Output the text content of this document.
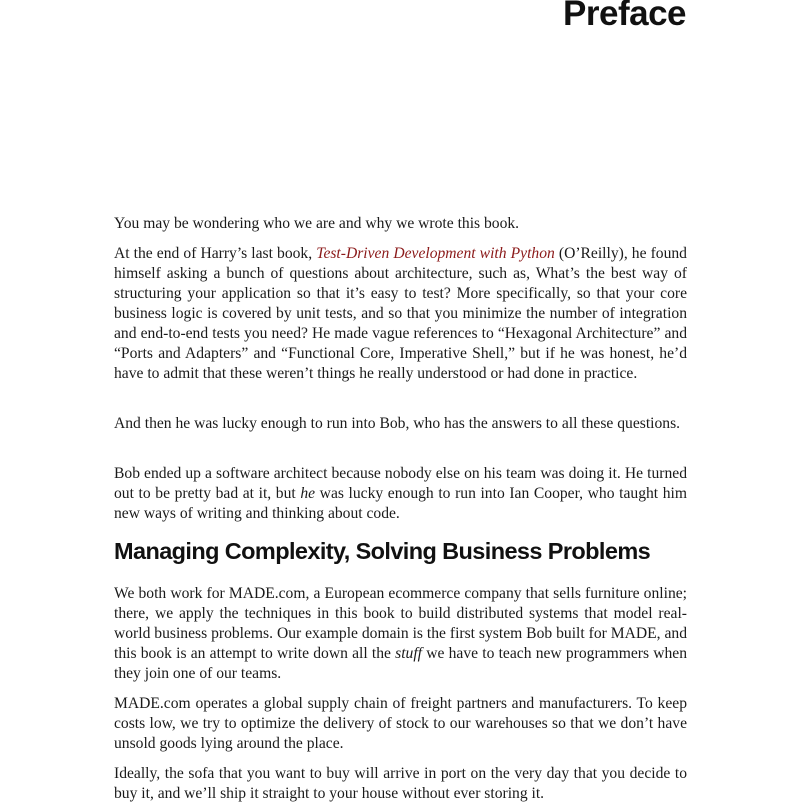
Preface

You may be wondering who we are and why we wrote this book.

At the end of Harry’s last book, Test-Driven Development with Python (O’Reilly), he found himself asking a bunch of questions about architecture, such as, What’s the best way of structuring your application so that it’s easy to test? More specifically, so that your core business logic is covered by unit tests, and so that you minimize the number of integration and end-to-end tests you need? He made vague references to “Hexagonal Architecture” and “Ports and Adapters” and “Functional Core, Imperative Shell,” but if he was honest, he’d have to admit that these weren’t things he really understood or had done in practice.

And then he was lucky enough to run into Bob, who has the answers to all these questions.

Bob ended up a software architect because nobody else on his team was doing it. He turned out to be pretty bad at it, but he was lucky enough to run into Ian Cooper, who taught him new ways of writing and thinking about code.

Managing Complexity, Solving Business Problems

We both work for MADE.com, a European ecommerce company that sells furniture online; there, we apply the techniques in this book to build distributed systems that model real-world business problems. Our example domain is the first system Bob built for MADE, and this book is an attempt to write down all the stuff we have to teach new programmers when they join one of our teams.

MADE.com operates a global supply chain of freight partners and manufacturers. To keep costs low, we try to optimize the delivery of stock to our warehouses so that we don’t have unsold goods lying around the place.

Ideally, the sofa that you want to buy will arrive in port on the very day that you decide to buy it, and we’ll ship it straight to your house without ever storing it.
